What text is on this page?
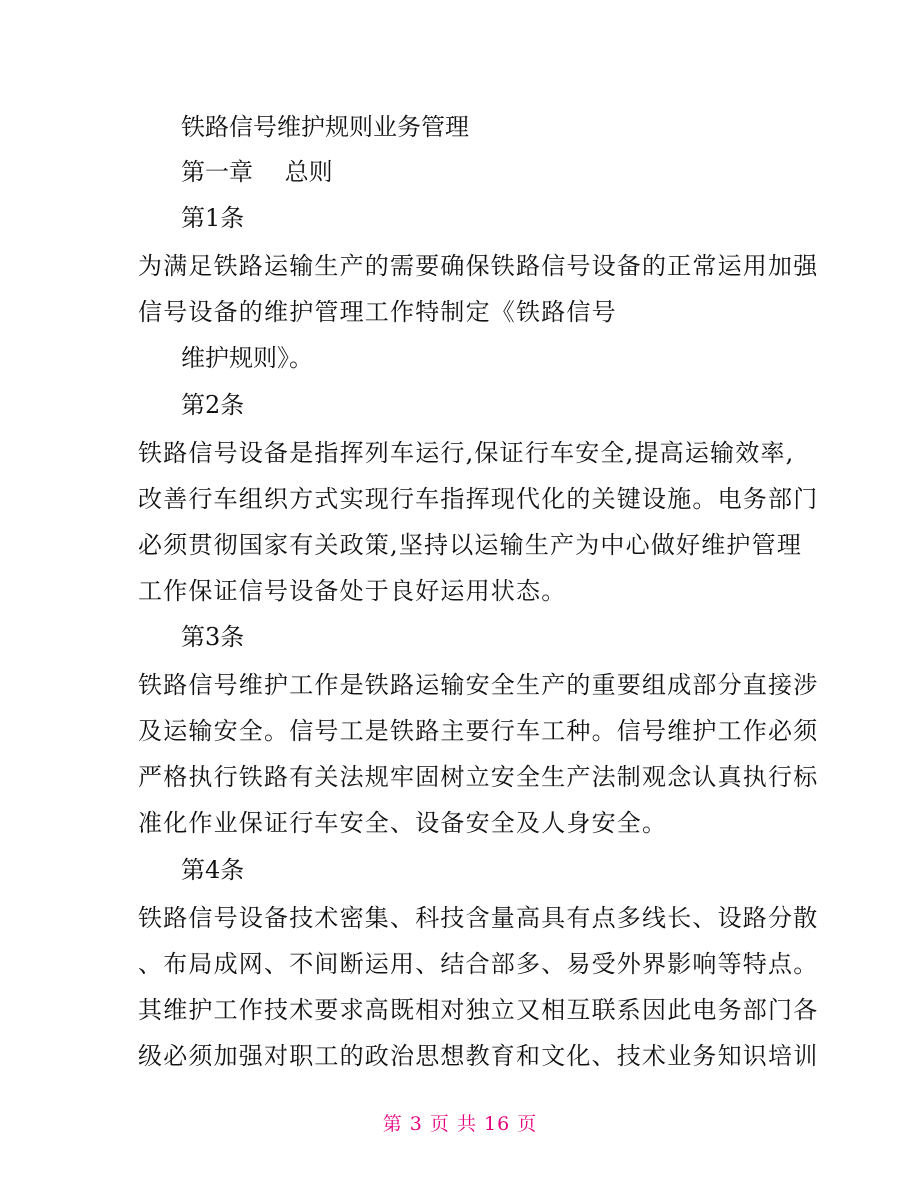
铁路信号维护规则业务管理
第一章　 总则
第1条
为满足铁路运输生产的需要确保铁路信号设备的正常运用加强
信号设备的维护管理工作特制定《铁路信号
维护规则》。
第2条
铁路信号设备是指挥列车运行,保证行车安全,提高运输效率,
改善行车组织方式实现行车指挥现代化的关键设施。电务部门
必须贯彻国家有关政策,坚持以运输生产为中心做好维护管理
工作保证信号设备处于良好运用状态。
第3条
铁路信号维护工作是铁路运输安全生产的重要组成部分直接涉
及运输安全。信号工是铁路主要行车工种。信号维护工作必须
严格执行铁路有关法规牢固树立安全生产法制观念认真执行标
准化作业保证行车安全、设备安全及人身安全。
第4条
铁路信号设备技术密集、科技含量高具有点多线长、设路分散
、布局成网、不间断运用、结合部多、易受外界影响等特点。
其维护工作技术要求高既相对独立又相互联系因此电务部门各
级必须加强对职工的政治思想教育和文化、技术业务知识培训
第 3 页 共 16 页
